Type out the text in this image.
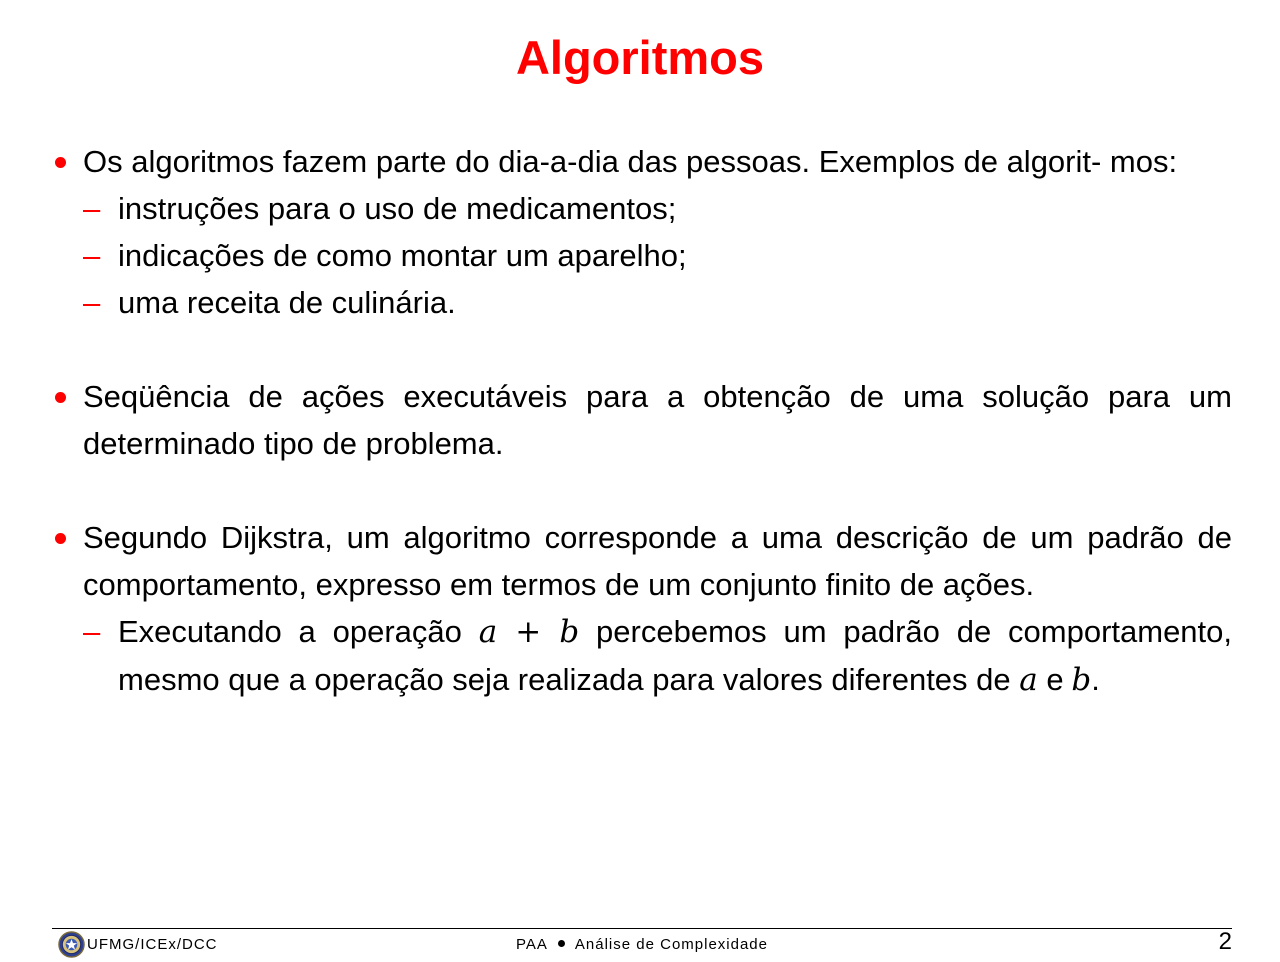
Algoritmos
Os algoritmos fazem parte do dia-a-dia das pessoas. Exemplos de algorit- mos:
– instruções para o uso de medicamentos;
– indicações de como montar um aparelho;
– uma receita de culinária.
Seqüência de ações executáveis para a obtenção de uma solução para um determinado tipo de problema.
Segundo Dijkstra, um algoritmo corresponde a uma descrição de um padrão de comportamento, expresso em termos de um conjunto finito de ações.
– Executando a operação a + b percebemos um padrão de comportamento, mesmo que a operação seja realizada para valores diferentes de a e b.
UFMG/ICEx/DCC	PAA Análise de Complexidade	2
